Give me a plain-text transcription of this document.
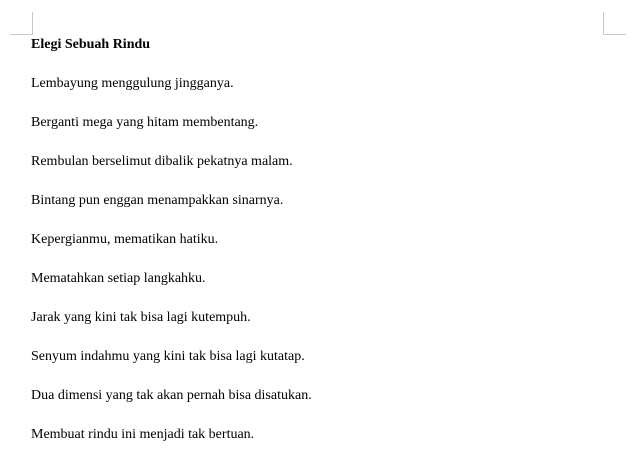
Elegi Sebuah Rindu

Lembayung menggulung jingganya.

Berganti mega yang hitam membentang.

Rembulan berselimut dibalik pekatnya malam.

Bintang pun enggan menampakkan sinarnya.

Kepergianmu, mematikan hatiku.

Mematahkan setiap langkahku.

Jarak yang kini tak bisa lagi kutempuh.

Senyum indahmu yang kini tak bisa lagi kutatap.

Dua dimensi yang tak akan pernah bisa disatukan.

Membuat rindu ini menjadi tak bertuan.
